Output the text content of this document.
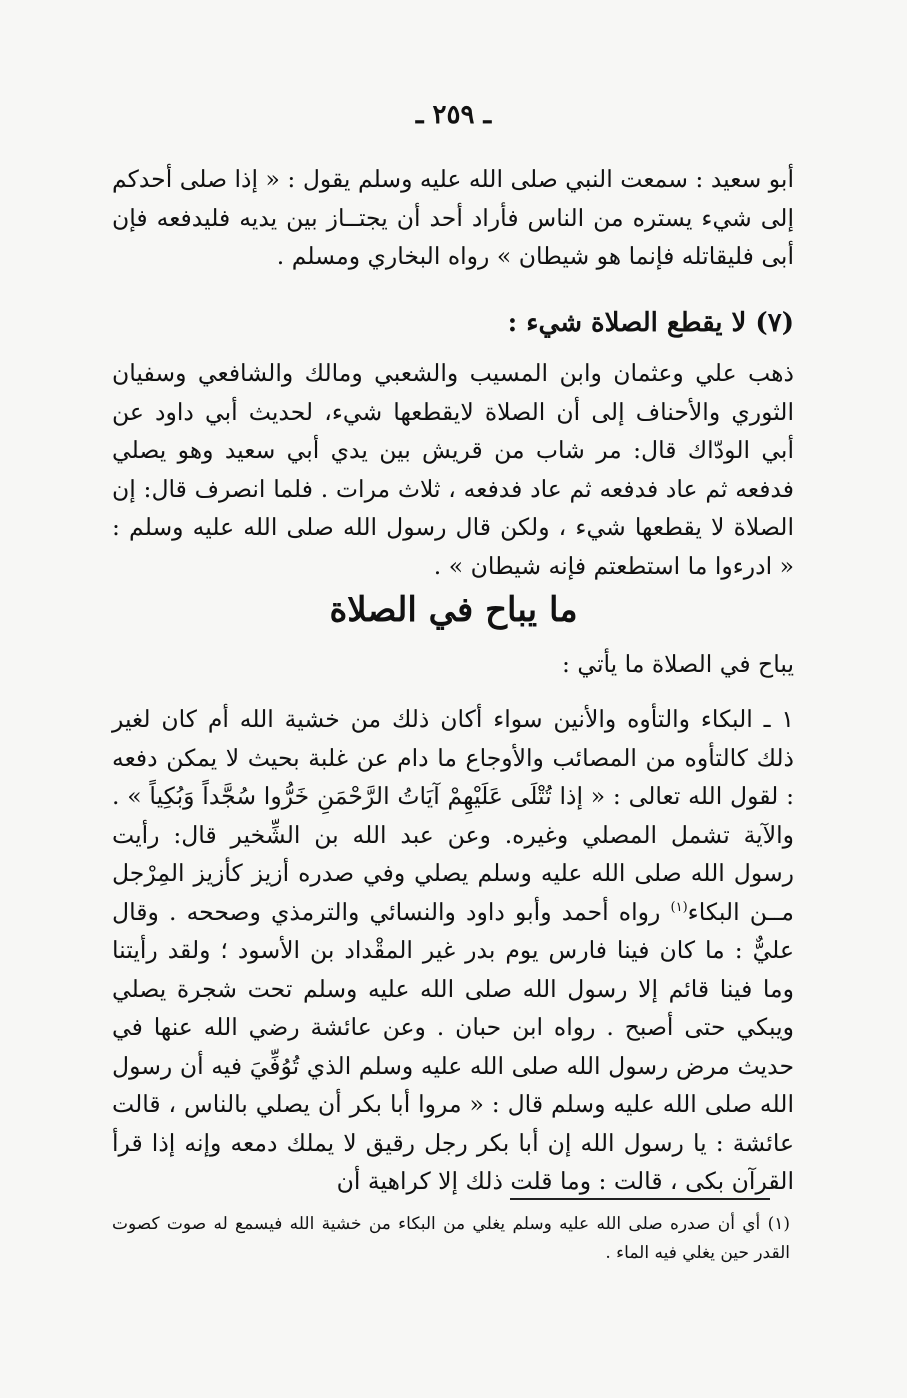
ـ ٢٥٩ ـ

أبو سعيد : سمعت النبي صلى الله عليه وسلم يقول : « إذا صلى أحدكم إلى شيء يستره من الناس فأراد أحد أن يجتــاز بين يديه فليدفعه فإن أبى فليقاتله فإنما هو شيطان » رواه البخاري ومسلم .

(٧) لا يقطع الصلاة شيء :

ذهب علي وعثمان وابن المسيب والشعبي ومالك والشافعي وسفيان الثوري والأحناف إلى أن الصلاة لايقطعها شيء، لحديث أبي داود عن أبي الودّاك قال: مر شاب من قريش بين يدي أبي سعيد وهو يصلي فدفعه ثم عاد فدفعه ثم عاد فدفعه ، ثلاث مرات . فلما انصرف قال: إن الصلاة لا يقطعها شيء ، ولكن قال رسول الله صلى الله عليه وسلم : « ادرءوا ما استطعتم فإنه شيطان » .

ما يباح في الصلاة
يباح في الصلاة ما يأتي :

١ ـ البكاء والتأوه والأنين سواء أكان ذلك من خشية الله أم كان لغير ذلك كالتأوه من المصائب والأوجاع ما دام عن غلبة بحيث لا يمكن دفعه : لقول الله تعالى : « إذا تُتْلَى عَلَيْهِمْ آيَاتُ الرَّحْمَنِ خَرُّوا سُجَّداً وَبُكِياً » . والآية تشمل المصلي وغيره. وعن عبد الله بن الشِّخير قال: رأيت رسول الله صلى الله عليه وسلم يصلي وفي صدره أزيز كأزيز المِرْجل مــن البكاء$^{(١)}$ رواه أحمد وأبو داود والنسائي والترمذي وصححه . وقال عليٌّ : ما كان فينا فارس يوم بدر غير المقْداد بن الأسود ؛ ولقد رأيتنا وما فينا قائم إلا رسول الله صلى الله عليه وسلم تحت شجرة يصلي ويبكي حتى أصبح . رواه ابن حبان . وعن عائشة رضي الله عنها في حديث مرض رسول الله صلى الله عليه وسلم الذي تُوُفِّيَ فيه أن رسول الله صلى الله عليه وسلم قال : « مروا أبا بكر أن يصلي بالناس ، قالت عائشة : يا رسول الله إن أبا بكر رجل رقيق لا يملك دمعه وإنه إذا قرأ القرآن بكى ، قالت : وما قلت ذلك إلا كراهية أن

(١) أي أن صدره صلى الله عليه وسلم يغلي من البكاء من خشية الله فيسمع له صوت كصوت القدر حين يغلي فيه الماء .
